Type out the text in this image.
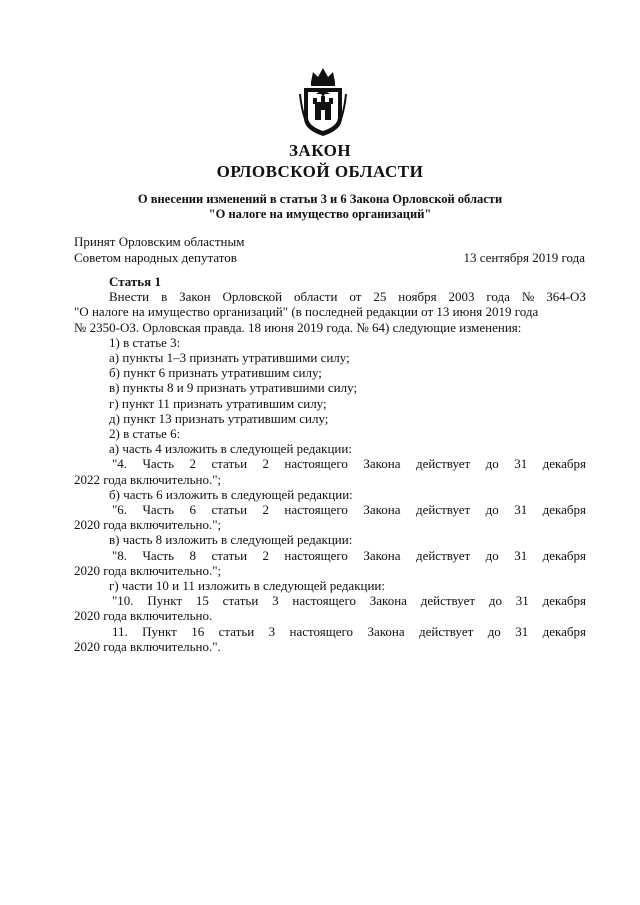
ЗАКОН
ОРЛОВСКОЙ ОБЛАСТИ
О внесении изменений в статьи 3 и 6 Закона Орловской области
"О налоге на имущество организаций"
Принят Орловским областным
Советом народных депутатов	13 сентября 2019 года

Статья 1

Внести в Закон Орловской области от 25 ноября 2003 года № 364-ОЗ

"О налоге на имущество организаций" (в последней редакции от 13 июня 2019 года

№ 2350-ОЗ. Орловская правда. 18 июня 2019 года. № 64) следующие изменения:

1) в статье 3:

а) пункты 1–3 признать утратившими силу;

б) пункт 6 признать утратившим силу;

в) пункты 8 и 9 признать утратившими силу;

г) пункт 11 признать утратившим силу;

д) пункт 13 признать утратившим силу;

2) в статье 6:

а) часть 4 изложить в следующей редакции:

"4. Часть 2 статьи 2 настоящего Закона действует до 31 декабря

2022 года включительно.";

б) часть 6 изложить в следующей редакции:

"6. Часть 6 статьи 2 настоящего Закона действует до 31 декабря

2020 года включительно.";

в) часть 8 изложить в следующей редакции:

"8. Часть 8 статьи 2 настоящего Закона действует до 31 декабря

2020 года включительно.";

г) части 10 и 11 изложить в следующей редакции:

"10. Пункт 15 статьи 3 настоящего Закона действует до 31 декабря

2020 года включительно.

11. Пункт 16 статьи 3 настоящего Закона действует до 31 декабря

2020 года включительно.".
